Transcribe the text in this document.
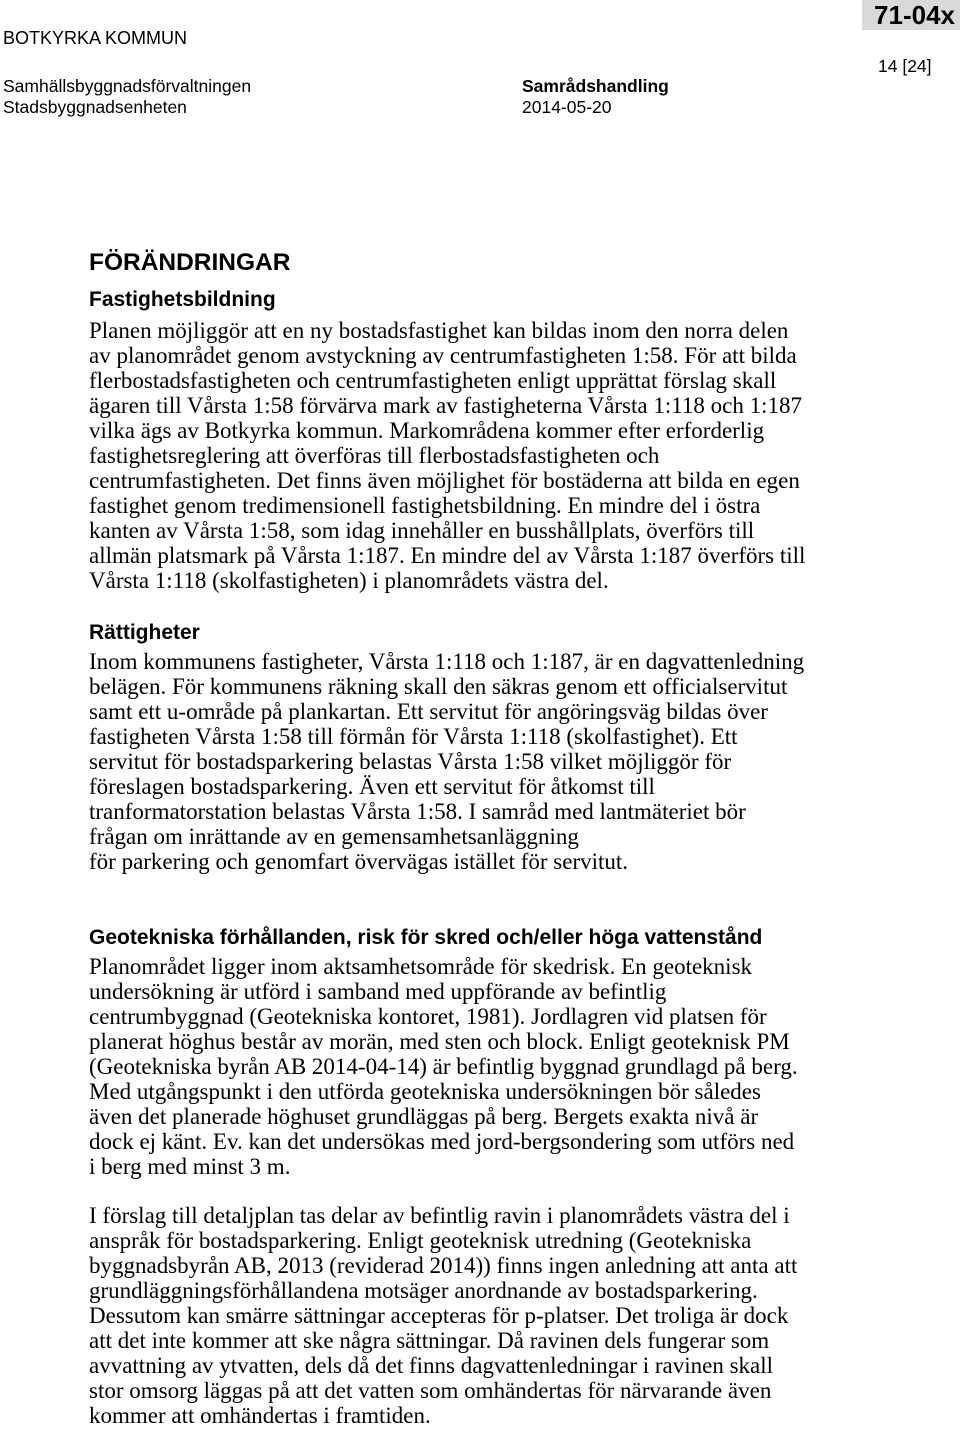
71-04x
BOTKYRKA KOMMUN
Samhällsbyggnadsförvaltningen
Stadsbyggnadsenheten
Samrådshandling
2014-05-20
14 [24]
FÖRÄNDRINGAR
Fastighetsbildning
Planen möjliggör att en ny bostadsfastighet kan bildas inom den norra delen
av planområdet genom avstyckning av centrumfastigheten 1:58. För att bilda
flerbostadsfastigheten och centrumfastigheten enligt upprättat förslag skall
ägaren till Vårsta 1:58 förvärva mark av fastigheterna Vårsta 1:118 och 1:187
vilka ägs av Botkyrka kommun. Markområdena kommer efter erforderlig
fastighetsreglering att överföras till flerbostadsfastigheten och
centrumfastigheten. Det finns även möjlighet för bostäderna att bilda en egen
fastighet genom tredimensionell fastighetsbildning. En mindre del i östra
kanten av Vårsta 1:58, som idag innehåller en busshållplats, överförs till
allmän platsmark på Vårsta 1:187. En mindre del av Vårsta 1:187 överförs till
Vårsta 1:118 (skolfastigheten) i planområdets västra del.
Rättigheter
Inom kommunens fastigheter, Vårsta 1:118 och 1:187, är en dagvattenledning
belägen. För kommunens räkning skall den säkras genom ett officialservitut
samt ett u-område på plankartan. Ett servitut för angöringsväg bildas över
fastigheten Vårsta 1:58 till förmån för Vårsta 1:118 (skolfastighet). Ett
servitut för bostadsparkering belastas Vårsta 1:58 vilket möjliggör för
föreslagen bostadsparkering. Även ett servitut för åtkomst till
tranformatorstation belastas Vårsta 1:58. I samråd med lantmäteriet bör
frågan om inrättande av en gemensamhetsanläggning
för parkering och genomfart övervägas istället för servitut.
Geotekniska förhållanden, risk för skred och/eller höga vattenstånd
Planområdet ligger inom aktsamhetsområde för skedrisk. En geoteknisk
undersökning är utförd i samband med uppförande av befintlig
centrumbyggnad (Geotekniska kontoret, 1981). Jordlagren vid platsen för
planerat höghus består av morän, med sten och block. Enligt geoteknisk PM
(Geotekniska byrån AB 2014-04-14) är befintlig byggnad grundlagd på berg.
Med utgångspunkt i den utförda geotekniska undersökningen bör således
även det planerade höghuset grundläggas på berg. Bergets exakta nivå är
dock ej känt. Ev. kan det undersökas med jord-bergsondering som utförs ned
i berg med minst 3 m.
I förslag till detaljplan tas delar av befintlig ravin i planområdets västra del i
anspråk för bostadsparkering. Enligt geoteknisk utredning (Geotekniska
byggnadsbyrån AB, 2013 (reviderad 2014)) finns ingen anledning att anta att
grundläggningsförhållandena motsäger anordnande av bostadsparkering.
Dessutom kan smärre sättningar accepteras för p-platser. Det troliga är dock
att det inte kommer att ske några sättningar. Då ravinen dels fungerar som
avvattning av ytvatten, dels då det finns dagvattenledningar i ravinen skall
stor omsorg läggas på att det vatten som omhändertas för närvarande även
kommer att omhändertas i framtiden.
